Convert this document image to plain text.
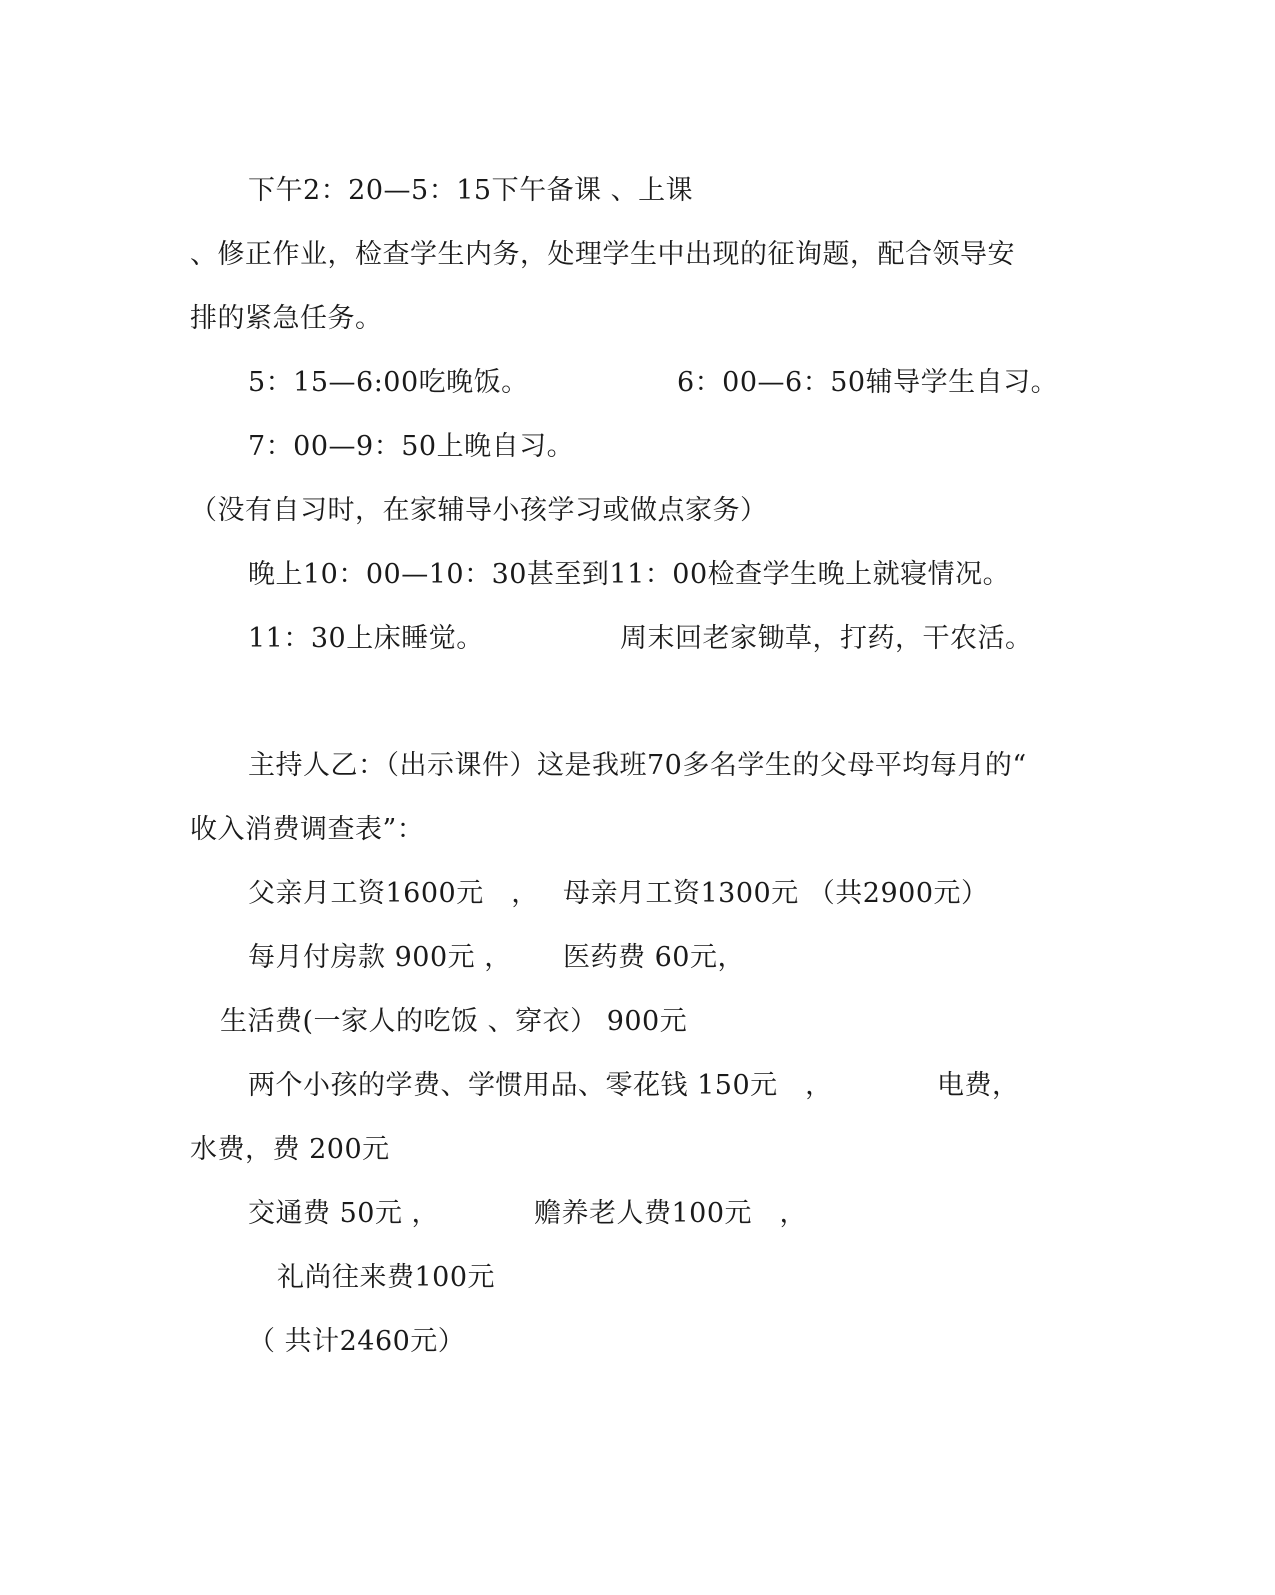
下午2：20—5：15下午备课 、上课
、修正作业，检查学生内务，处理学生中出现的征询题，配合领导安
排的紧急任务。
5：15—6:00吃晚饭。	6：00—6：50辅导学生自习。
7：00—9：50上晚自习。
（没有自习时，在家辅导小孩学习或做点家务）
晚上10：00—10：30甚至到11：00检查学生晚上就寝情况。
11：30上床睡觉。	周末回老家锄草，打药，干农活。
主持人乙：（出示课件）这是我班70多名学生的父母平均每月的“
收入消费调查表”：
父亲月工资1600元　， 母亲月工资1300元 （共2900元）
每月付房款 900元 ， 医药费 60元，
生活费(一家人的吃饭 、穿衣） 900元
两个小孩的学费、学惯用品、零花钱 150元　，	电费，
水费，费 200元
交通费 50元 ，	赡养老人费100元　，
礼尚往来费100元
（ 共计2460元）
